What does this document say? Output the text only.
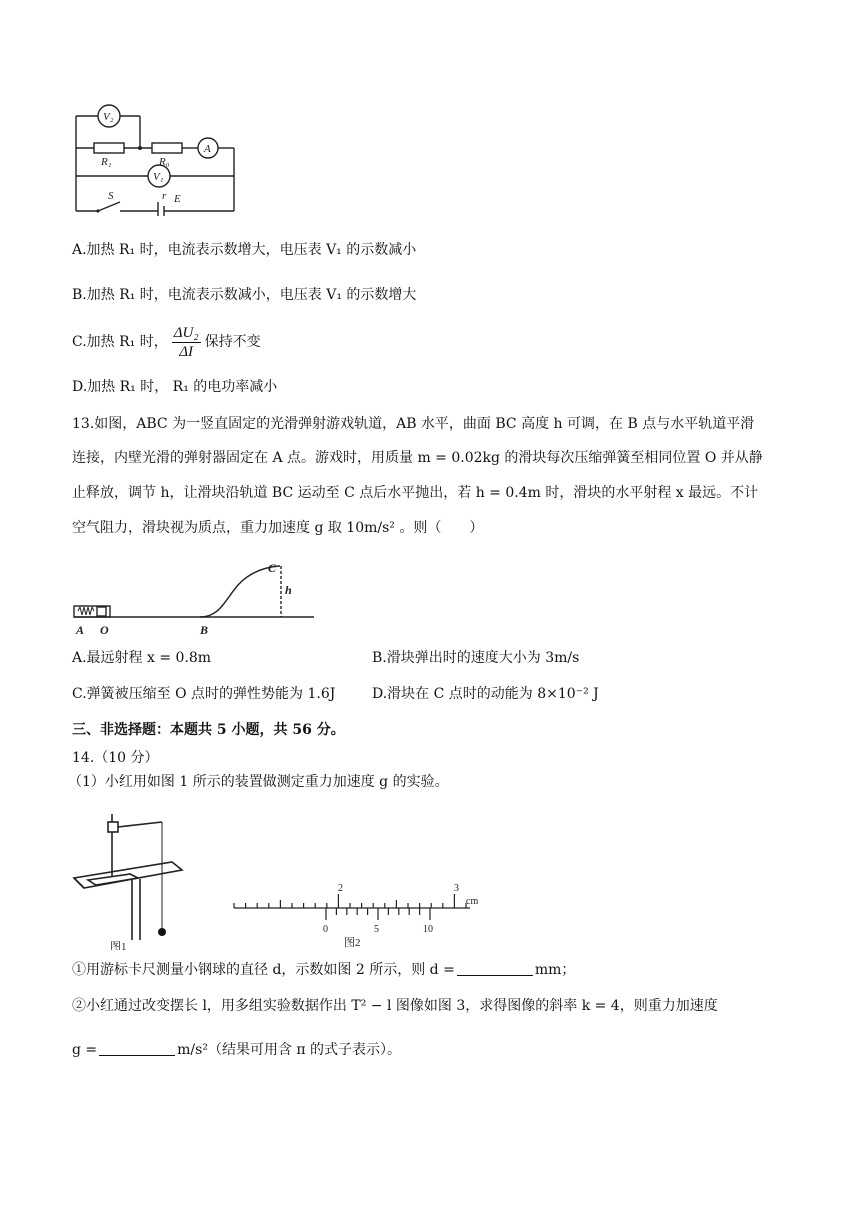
V₂
R₁	R₀
A
V₁
S	r E
A.加热 R₁ 时，电流表示数增大，电压表 V₁ 的示数减小
B.加热 R₁ 时，电流表示数减小，电压表 V₁ 的示数增大
C.加热 R₁ 时， $\frac{\text{ΔU₂}}{\Delta I}$ 保持不变
D.加热 R₁ 时， R₁ 的电功率减小
13.如图，ABC 为一竖直固定的光滑弹射游戏轨道，AB 水平，曲面 BC 高度 h 可调，在 B 点与水平轨道平滑
连接，内壁光滑的弹射器固定在 A 点。游戏时，用质量 m = 0.02kg 的滑块每次压缩弹簧至相同位置 O 并从静
止释放，调节 h，让滑块沿轨道 BC 运动至 C 点后水平抛出，若 h = 0.4m 时，滑块的水平射程 x 最远。不计
空气阻力，滑块视为质点，重力加速度 g 取 10m/s² 。则（　　）
A O	B
C
h
A.最远射程 x = 0.8m	B.滑块弹出时的速度大小为 3m/s
C.弹簧被压缩至 O 点时的弹性势能为 1.6J	D.滑块在 C 点时的动能为 8×10⁻² J
三、非选择题：本题共 5 小题，共 56 分。
14.（10 分）
（1）小红用如图 1 所示的装置做测定重力加速度 g 的实验。
图1
2	3
cm
0	5	10
图2
①用游标卡尺测量小钢球的直径 d，示数如图 2 所示，则 d =	mm；
②小红通过改变摆长 l，用多组实验数据作出 T² − l 图像如图 3，求得图像的斜率 k = 4，则重力加速度
g =	m/s²（结果可用含 π 的式子表示）。
